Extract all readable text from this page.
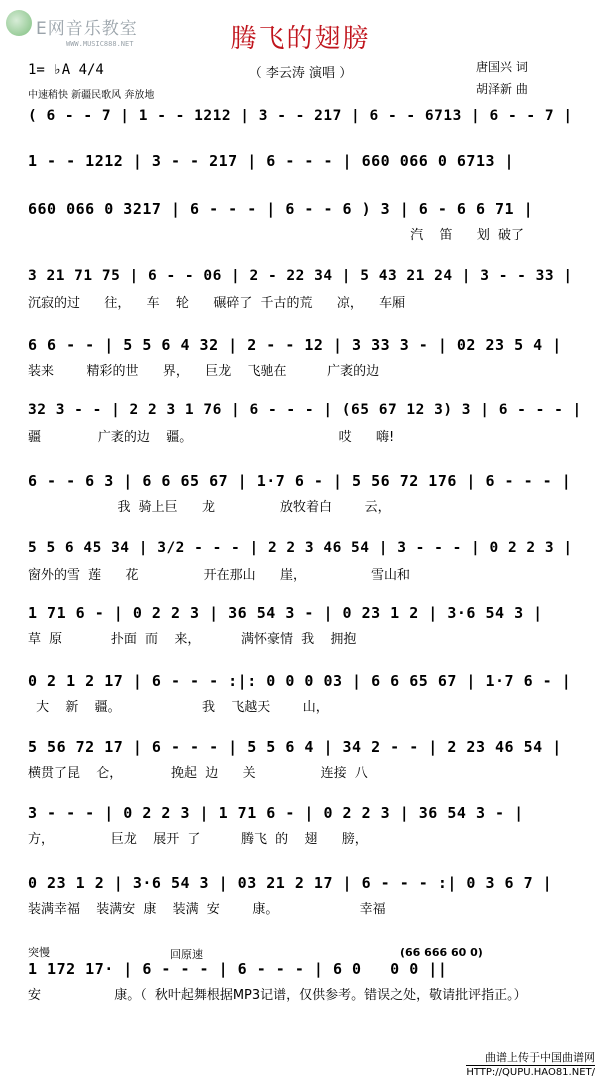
E网音乐教室
WWW.MUSIC888.NET	腾飞的翅膀
（ 李云涛 演唱 ）
1= ♭A 4/4
中速稍快 新疆民歌风 奔放地
唐国兴 词
胡泽新 曲
突慢	回原速	(66 666 60 0)
( 6 - - 7 | 1 - - 1212 | 3 - - 217 | 6 - - 6713 | 6 - - 7 |
1 - - 1212 | 3 - - 217 | 6 - - - | 660 066 0 6713 |
660 066 0 3217 | 6 - - - | 6 - - 6 ) 3 | 6 - 6 6 71 |
汽  笛   划 破了
3 21 71 75 | 6 - - 06 | 2 - 22 34 | 5 43 21 24 | 3 - - 33 |
沉寂的过   往，  车  轮   碾碎了 千古的荒   凉，  车厢
6 6 - - | 5 5 6 4 32 | 2 - - 12 | 3 33 3 - | 02 23 5 4 |
装来    精彩的世   界，  巨龙  飞驰在     广袤的边
32 3 - - | 2 2 3 1 76 | 6 - - - | (65 67 12 3) 3 | 6 - - - |
疆       广袤的边  疆。                  哎   嗨!
6 - - 6 3 | 6 6 65 67 | 1·7 6 - | 5 56 72 176 | 6 - - - |
我 骑上巨   龙        放牧着白    云，
5 5 6 45 34 | 3/2 - - - | 2 2 3 46 54 | 3 - - - | 0 2 2 3 |
窗外的雪 莲   花        开在那山   崖，        雪山和
1 71 6 - | 0 2 2 3 | 36 54 3 - | 0 23 1 2 | 3·6 54 3 |
草 原      扑面 而  来，     满怀豪情 我  拥抱
0 2 1 2 17 | 6 - - - :|: 0 0 0 03 | 6 6 65 67 | 1·7 6 - |
大  新  疆。          我  飞越天    山，
5 56 72 17 | 6 - - - | 5 5 6 4 | 34 2 - - | 2 23 46 54 |
横贯了昆  仑，      挽起 边   关        连接 八
3 - - - | 0 2 2 3 | 1 71 6 - | 0 2 2 3 | 36 54 3 - |
方，       巨龙  展开 了     腾飞 的  翅   膀，
0 23 1 2 | 3·6 54 3 | 03 21 2 17 | 6 - - - :| 0 3 6 7 |
装满幸福  装满安 康  装满 安    康。          幸福
1 172 17· | 6 - - - | 6 - - - | 6 0   0 0 ||
安         康。（ 秋叶起舞根据MP3记谱，仅供参考。错误之处，敬请批评指正。）
曲谱上传于中国曲谱网
HTTP://QUPU.HAO81.NET/
